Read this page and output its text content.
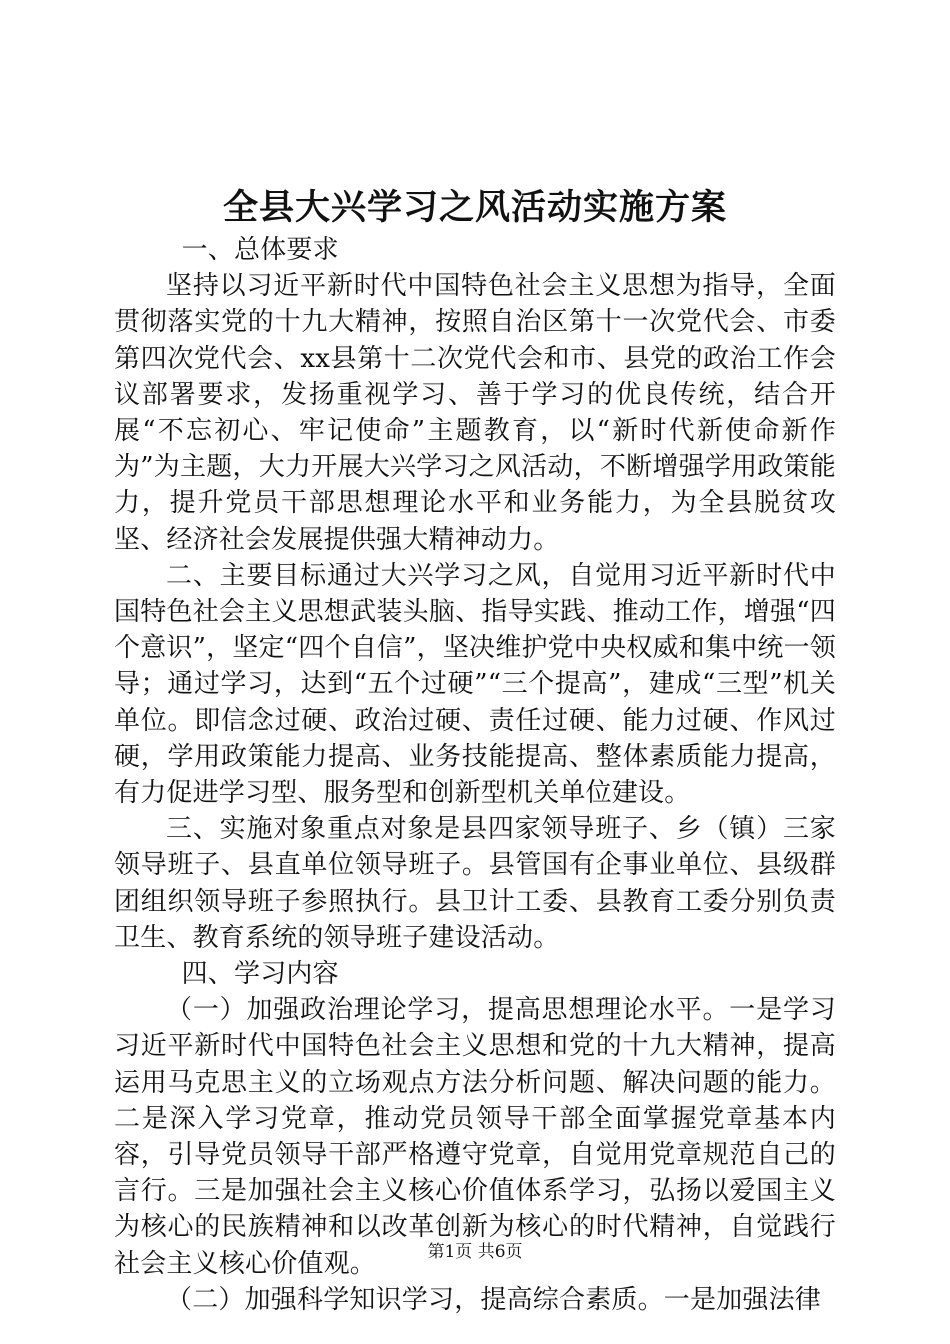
全县大兴学习之风活动实施方案

一、总体要求

坚持以习近平新时代中国特色社会主义思想为指导，全面贯彻落实党的十九大精神，按照自治区第十一次党代会、市委第四次党代会、xx县第十二次党代会和市、县党的政治工作会议部署要求，发扬重视学习、善于学习的优良传统，结合开展“不忘初心、牢记使命”主题教育，以“新时代新使命新作为”为主题，大力开展大兴学习之风活动，不断增强学用政策能力，提升党员干部思想理论水平和业务能力，为全县脱贫攻坚、经济社会发展提供强大精神动力。

二、主要目标通过大兴学习之风，自觉用习近平新时代中国特色社会主义思想武装头脑、指导实践、推动工作，增强“四个意识”，坚定“四个自信”，坚决维护党中央权威和集中统一领导；通过学习，达到“五个过硬”“三个提高”，建成“三型”机关单位。即信念过硬、政治过硬、责任过硬、能力过硬、作风过硬，学用政策能力提高、业务技能提高、整体素质能力提高，有力促进学习型、服务型和创新型机关单位建设。

三、实施对象重点对象是县四家领导班子、乡（镇）三家领导班子、县直单位领导班子。县管国有企事业单位、县级群团组织领导班子参照执行。县卫计工委、县教育工委分别负责卫生、教育系统的领导班子建设活动。

四、学习内容

（一）加强政治理论学习，提高思想理论水平。一是学习习近平新时代中国特色社会主义思想和党的十九大精神，提高运用马克思主义的立场观点方法分析问题、解决问题的能力。二是深入学习党章，推动党员领导干部全面掌握党章基本内容，引导党员领导干部严格遵守党章，自觉用党章规范自己的言行。三是加强社会主义核心价值体系学习，弘扬以爱国主义为核心的民族精神和以改革创新为核心的时代精神，自觉践行社会主义核心价值观。

（二）加强科学知识学习，提高综合素质。一是加强法律

第1页 共6页
